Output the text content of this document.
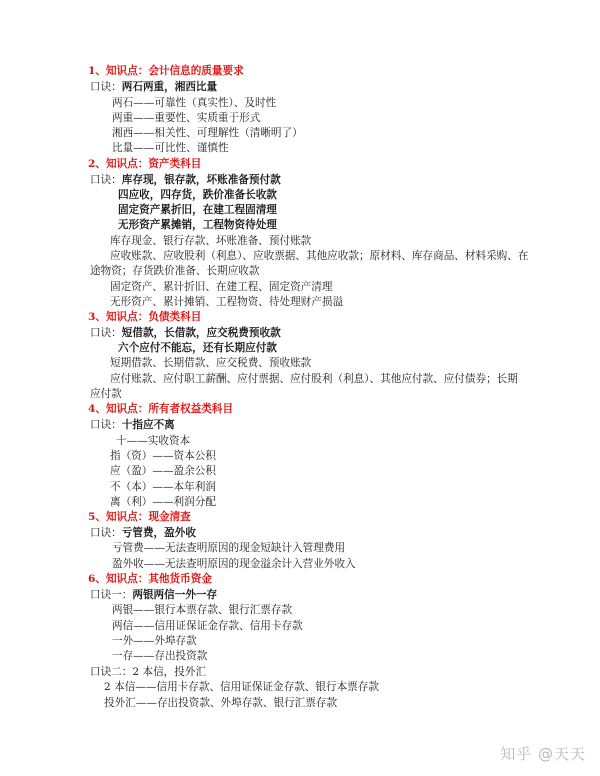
1、知识点：会计信息的质量要求
口诀：两石两重，湘西比量
两石——可靠性（真实性）、及时性
两重——重要性、实质重于形式
湘西——相关性、可理解性（清晰明了）
比量——可比性、谨慎性
2、知识点：资产类科目
口诀：库存现，银存款，坏账准备预付款
四应收，四存货，跌价准备长收款
固定资产累折旧，在建工程固清理
无形资产累摊销，工程物资待处理
库存现金、银行存款、坏账准备、预付账款
应收账款、应收股利（利息）、应收票据、其他应收款；原材料、库存商品、材料采购、在
途物资；存货跌价准备、长期应收款
固定资产、累计折旧、在建工程、固定资产清理
无形资产、累计摊销、工程物资、待处理财产损溢
3、知识点：负债类科目
口诀：短借款，长借款，应交税费预收款
六个应付不能忘，还有长期应付款
短期借款、长期借款、应交税费、预收账款
应付账款、应付职工薪酬、应付票据、应付股利（利息）、其他应付款、应付债券；长期
应付款
4、知识点：所有者权益类科目
口诀：十指应不离
十——实收资本
指（资）——资本公积
应（盈）——盈余公积
不（本）——本年利润
离（利）——利润分配
5、知识点：现金清查
口诀：亏管费，盈外收
亏管费——无法查明原因的现金短缺计入管理费用
盈外收——无法查明原因的现金溢余计入营业外收入
6、知识点：其他货币资金
口诀一：两银两信一外一存
两银——银行本票存款、银行汇票存款
两信——信用证保证金存款、信用卡存款
一外——外埠存款
一存——存出投资款
口诀二：2 本信，投外汇
2 本信——信用卡存款、信用证保证金存款、银行本票存款
投外汇——存出投资款、外埠存款、银行汇票存款
知乎 @天天
